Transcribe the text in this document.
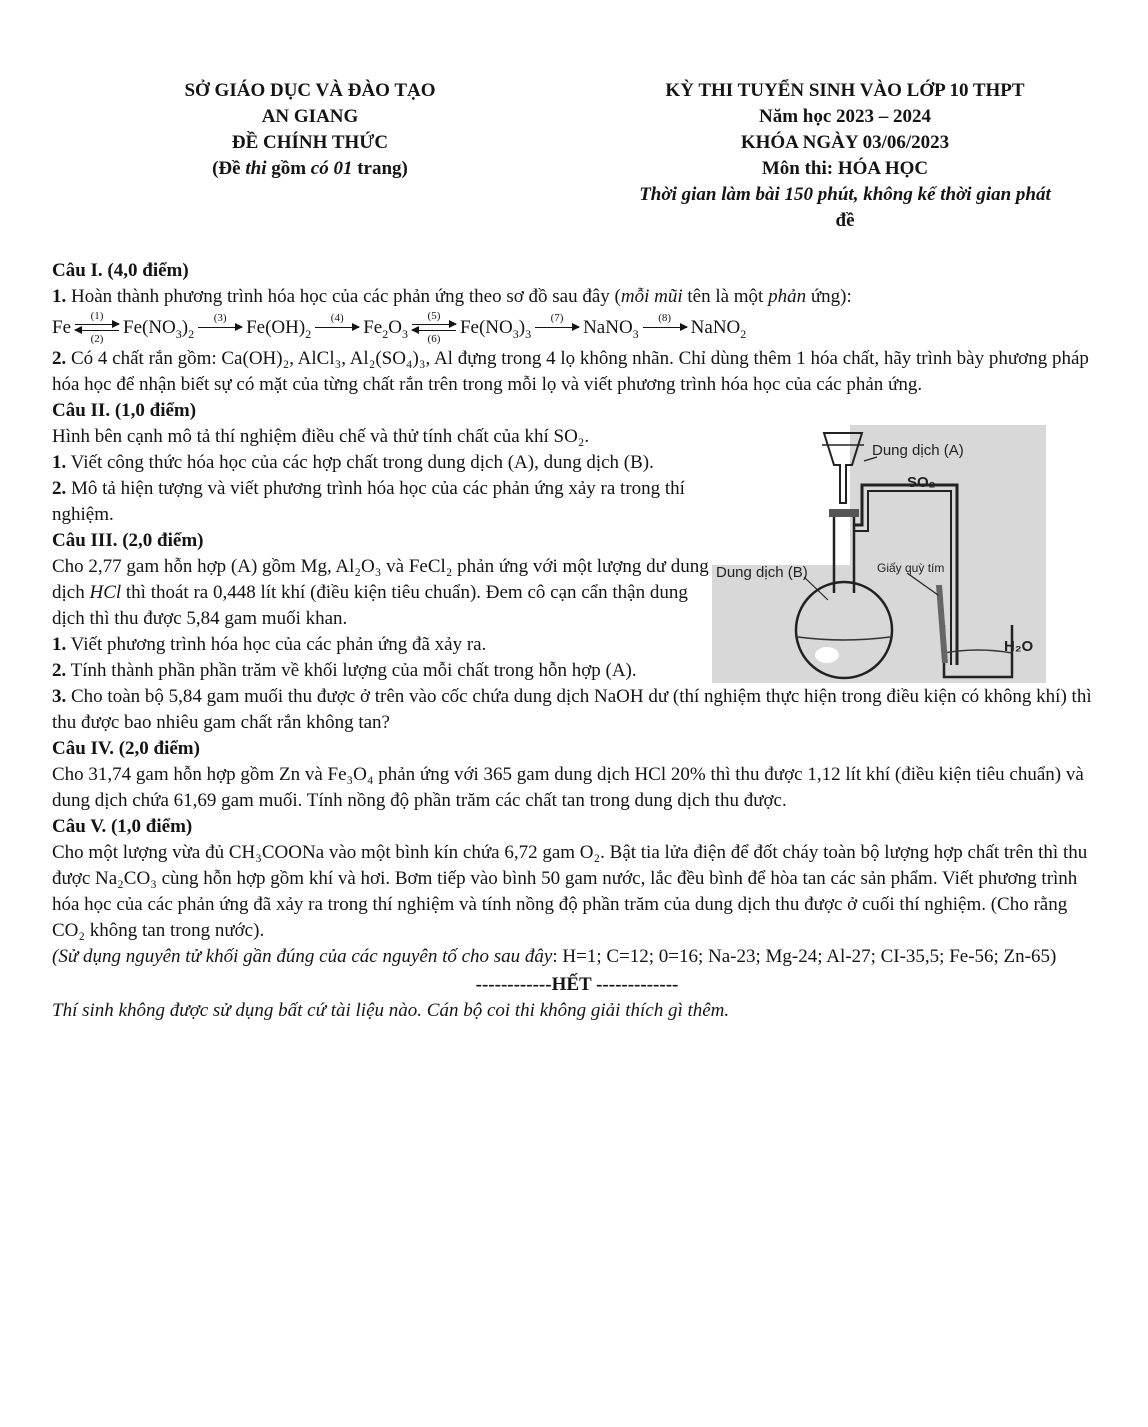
SỞ GIÁO DỤC VÀ ĐÀO TẠO
AN GIANG
ĐỀ CHÍNH THỨC
(Đề thi gồm có 01 trang)
KỲ THI TUYỂN SINH VÀO LỚP 10 THPT
Năm học 2023 – 2024
KHÓA NGÀY 03/06/2023
Môn thi: HÓA HỌC
Thời gian làm bài 150 phút, không kể thời gian phát
đề

Câu I. (4,0 điểm)

1. Hoàn thành phương trình hóa học của các phản ứng theo sơ đồ sau đây (mỗi mũi tên là một phản ứng):

Fe
(1)
(2)
$Fe(NO_3)_2$
(3) $Fe(OH)_2$
(4) $Fe_2O_3$
(5)
(6)
$Fe(NO_3)_3$
(7) NaNO$_3$
(8) NaNO$_2$

2. Có 4 chất rắn gồm: Ca(OH)₂, AlCl₃, Al₂(SO₄)₃, Al đựng trong 4 lọ không nhãn. Chỉ dùng thêm 1 hóa chất, hãy trình bày phương pháp hóa học để nhận biết sự có mặt của từng chất rắn trên trong mỗi lọ và viết phương trình hóa học của các phản ứng.

Câu II. (1,0 điểm)

Hình bên cạnh mô tả thí nghiệm điều chế và thử tính chất của khí SO₂.

1. Viết công thức hóa học của các hợp chất trong dung dịch (A), dung dịch (B).

2. Mô tả hiện tượng và viết phương trình hóa học của các phản ứng xảy ra trong thí nghiệm.

Câu III. (2,0 điểm)

Cho 2,77 gam hỗn hợp (A) gồm Mg, Al₂O₃ và FeCl₂ phản ứng với một lượng dư dung dịch HCl thì thoát ra 0,448 lít khí (điều kiện tiêu chuẩn). Đem cô cạn cẩn thận dung dịch thì thu được 5,84 gam muối khan.

1. Viết phương trình hóa học của các phản ứng đã xảy ra.

2. Tính thành phần phần trăm về khối lượng của mỗi chất trong hỗn hợp (A).

3. Cho toàn bộ 5,84 gam muối thu được ở trên vào cốc chứa dung dịch NaOH dư (thí nghiệm thực hiện trong điều kiện có không khí) thì thu được bao nhiêu gam chất rắn không tan?

Câu IV. (2,0 điểm)

Cho 31,74 gam hỗn hợp gồm Zn và Fe₃O₄ phản ứng với 365 gam dung dịch HCl 20% thì thu được 1,12 lít khí (điều kiện tiêu chuẩn) và dung dịch chứa 61,69 gam muối. Tính nồng độ phần trăm các chất tan trong dung dịch thu được.

Câu V. (1,0 điểm)

Cho một lượng vừa đủ CH₃COONa vào một bình kín chứa 6,72 gam O₂. Bật tia lửa điện để đốt cháy toàn bộ lượng hợp chất trên thì thu được Na₂CO₃ cùng hỗn hợp gồm khí và hơi. Bơm tiếp vào bình 50 gam nước, lắc đều bình để hòa tan các sản phẩm. Viết phương trình hóa học của các phản ứng đã xảy ra trong thí nghiệm và tính nồng độ phần trăm của dung dịch thu được ở cuối thí nghiệm. (Cho rằng CO₂ không tan trong nước).

(Sử dụng nguyên tử khối gần đúng của các nguyên tố cho sau đây: H=1; C=12; 0=16; Na-23; Mg-24; Al-27; CI-35,5; Fe-56; Zn-65)

------------HẾT -------------

Thí sinh không được sử dụng bất cứ tài liệu nào. Cán bộ coi thi không giải thích gì thêm.

Dung dịch (A)
SO₂
Dung dịch (B)	Giấy quỳ tím
H₂O
